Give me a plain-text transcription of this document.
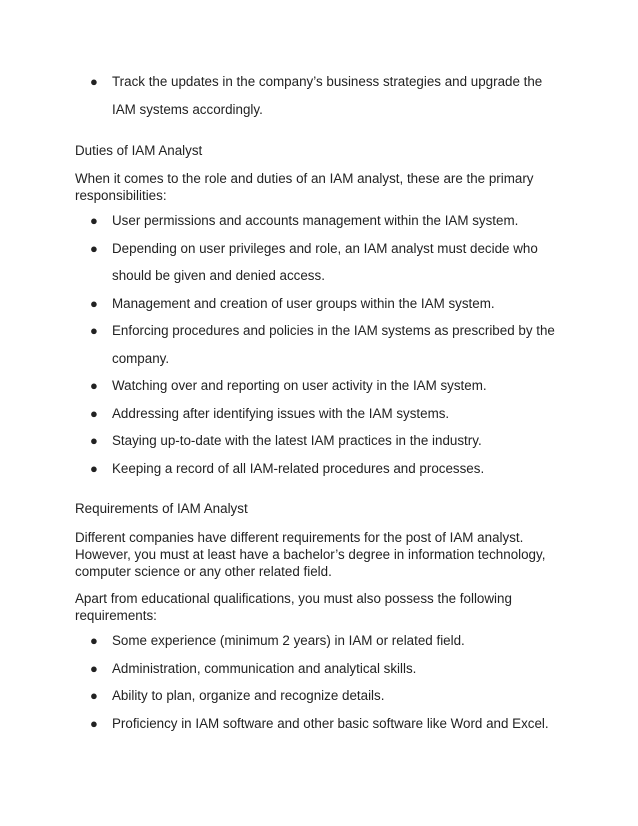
● Track the updates in the company’s business strategies and upgrade the IAM systems accordingly.

Duties of IAM Analyst

When it comes to the role and duties of an IAM analyst, these are the primary responsibilities:

● User permissions and accounts management within the IAM system.
● Depending on user privileges and role, an IAM analyst must decide who should be given and denied access.
● Management and creation of user groups within the IAM system.
● Enforcing procedures and policies in the IAM systems as prescribed by the company.
● Watching over and reporting on user activity in the IAM system.
● Addressing after identifying issues with the IAM systems.
● Staying up-to-date with the latest IAM practices in the industry.
● Keeping a record of all IAM-related procedures and processes.

Requirements of IAM Analyst

Different companies have different requirements for the post of IAM analyst. However, you must at least have a bachelor’s degree in information technology, computer science or any other related field.

Apart from educational qualifications, you must also possess the following requirements:

● Some experience (minimum 2 years) in IAM or related field.
● Administration, communication and analytical skills.
● Ability to plan, organize and recognize details.
● Proficiency in IAM software and other basic software like Word and Excel.
